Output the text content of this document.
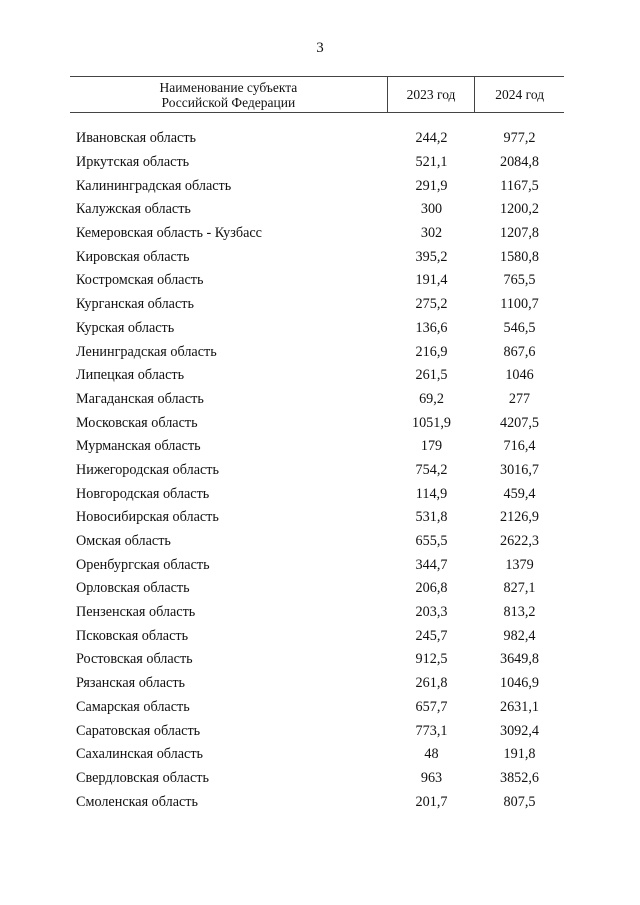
3
Наименование субъекта
Российской Федерации	2023 год	2024 год
Ивановская область	244,2	977,2
Иркутская область	521,1	2084,8
Калининградская область	291,9	1167,5
Калужская область	300	1200,2
Кемеровская область - Кузбасс	302	1207,8
Кировская область	395,2	1580,8
Костромская область	191,4	765,5
Курганская область	275,2	1100,7
Курская область	136,6	546,5
Ленинградская область	216,9	867,6
Липецкая область	261,5	1046
Магаданская область	69,2	277
Московская область	1051,9	4207,5
Мурманская область	179	716,4
Нижегородская область	754,2	3016,7
Новгородская область	114,9	459,4
Новосибирская область	531,8	2126,9
Омская область	655,5	2622,3
Оренбургская область	344,7	1379
Орловская область	206,8	827,1
Пензенская область	203,3	813,2
Псковская область	245,7	982,4
Ростовская область	912,5	3649,8
Рязанская область	261,8	1046,9
Самарская область	657,7	2631,1
Саратовская область	773,1	3092,4
Сахалинская область	48	191,8
Свердловская область	963	3852,6
Смоленская область	201,7	807,5
